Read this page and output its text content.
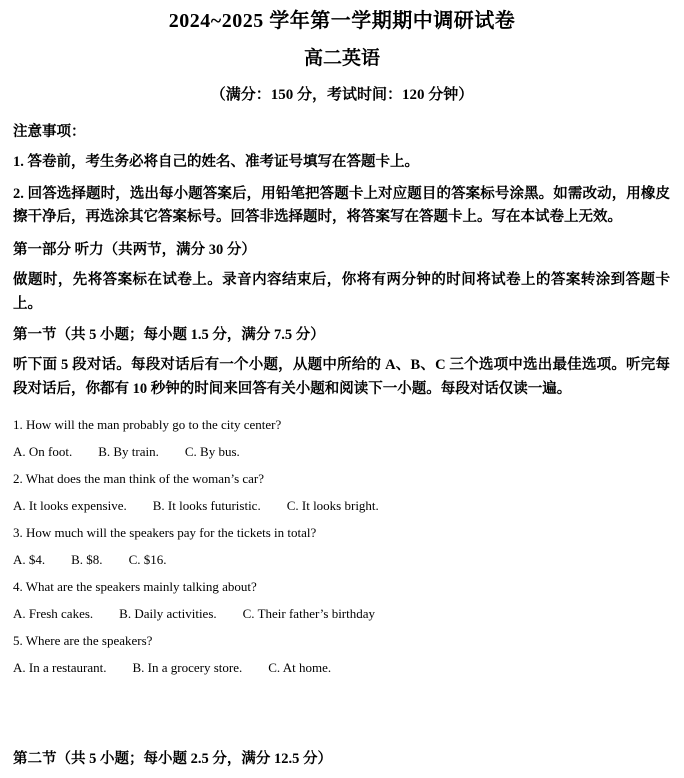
2024~2025 学年第一学期期中调研试卷
高二英语

（满分：150 分，考试时间：120 分钟）

注意事项：

1. 答卷前，考生务必将自己的姓名、准考证号填写在答题卡上。

2. 回答选择题时，选出每小题答案后，用铅笔把答题卡上对应题目的答案标号涂黑。如需改动，用橡皮擦干净后，再选涂其它答案标号。回答非选择题时，将答案写在答题卡上。写在本试卷上无效。

第一部分 听力（共两节，满分 30 分）

做题时，先将答案标在试卷上。录音内容结束后，你将有两分钟的时间将试卷上的答案转涂到答题卡上。

第一节（共 5 小题；每小题 1.5 分，满分 7.5 分）

听下面 5 段对话。每段对话后有一个小题，从题中所给的 A、B、C 三个选项中选出最佳选项。听完每段对话后，你都有 10 秒钟的时间来回答有关小题和阅读下一小题。每段对话仅读一遍。

1. How will the man probably go to the city center?

A. On foot. B. By train. C. By bus.

2. What does the man think of the woman’s car?

A. It looks expensive. B. It looks futuristic. C. It looks bright.

3. How much will the speakers pay for the tickets in total?

A. $4. B. $8. C. $16.

4. What are the speakers mainly talking about?

A. Fresh cakes. B. Daily activities. C. Their father’s birthday

5. Where are the speakers?

A. In a restaurant. B. In a grocery store. C. At home.

第二节（共 5 小题；每小题 2.5 分，满分 12.5 分）
